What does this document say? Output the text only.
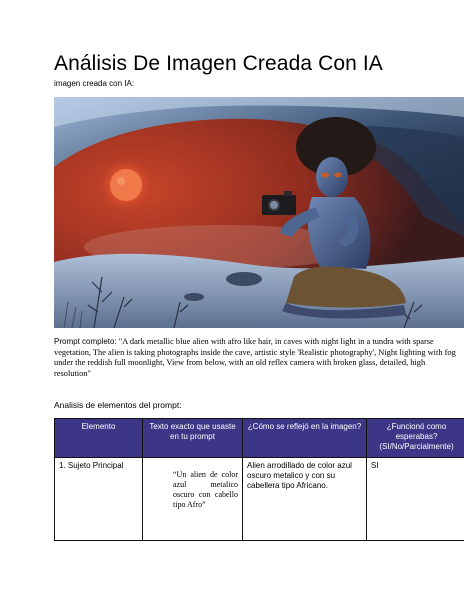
Análisis De Imagen Creada Con IA
imagen creada con IA:
Prompt completo: "A dark metallic blue alien with afro like hair, in caves with night light in a tundra with sparse vegetation, The alien is taking photographs inside the cave, artistic style 'Realistic photography', Night lighting with fog under the reddish full moonlight, View from below, with an old reflex camera with broken glass, detailed, high resolution"
Analisis de elementos del prompt:
Elemento	Texto exacto que usaste en tu prompt	¿Cómo se reflejó en la imagen?	¿Funcionó como esperabas? (SI/No/Parcialmente)
1. Sujeto Principal	“Un alien de color azul metalico oscuro con cabello tipo Afro”	Alien arrodillado de color azul oscuro metalico y con su cabellera tipo Africano.	SI
